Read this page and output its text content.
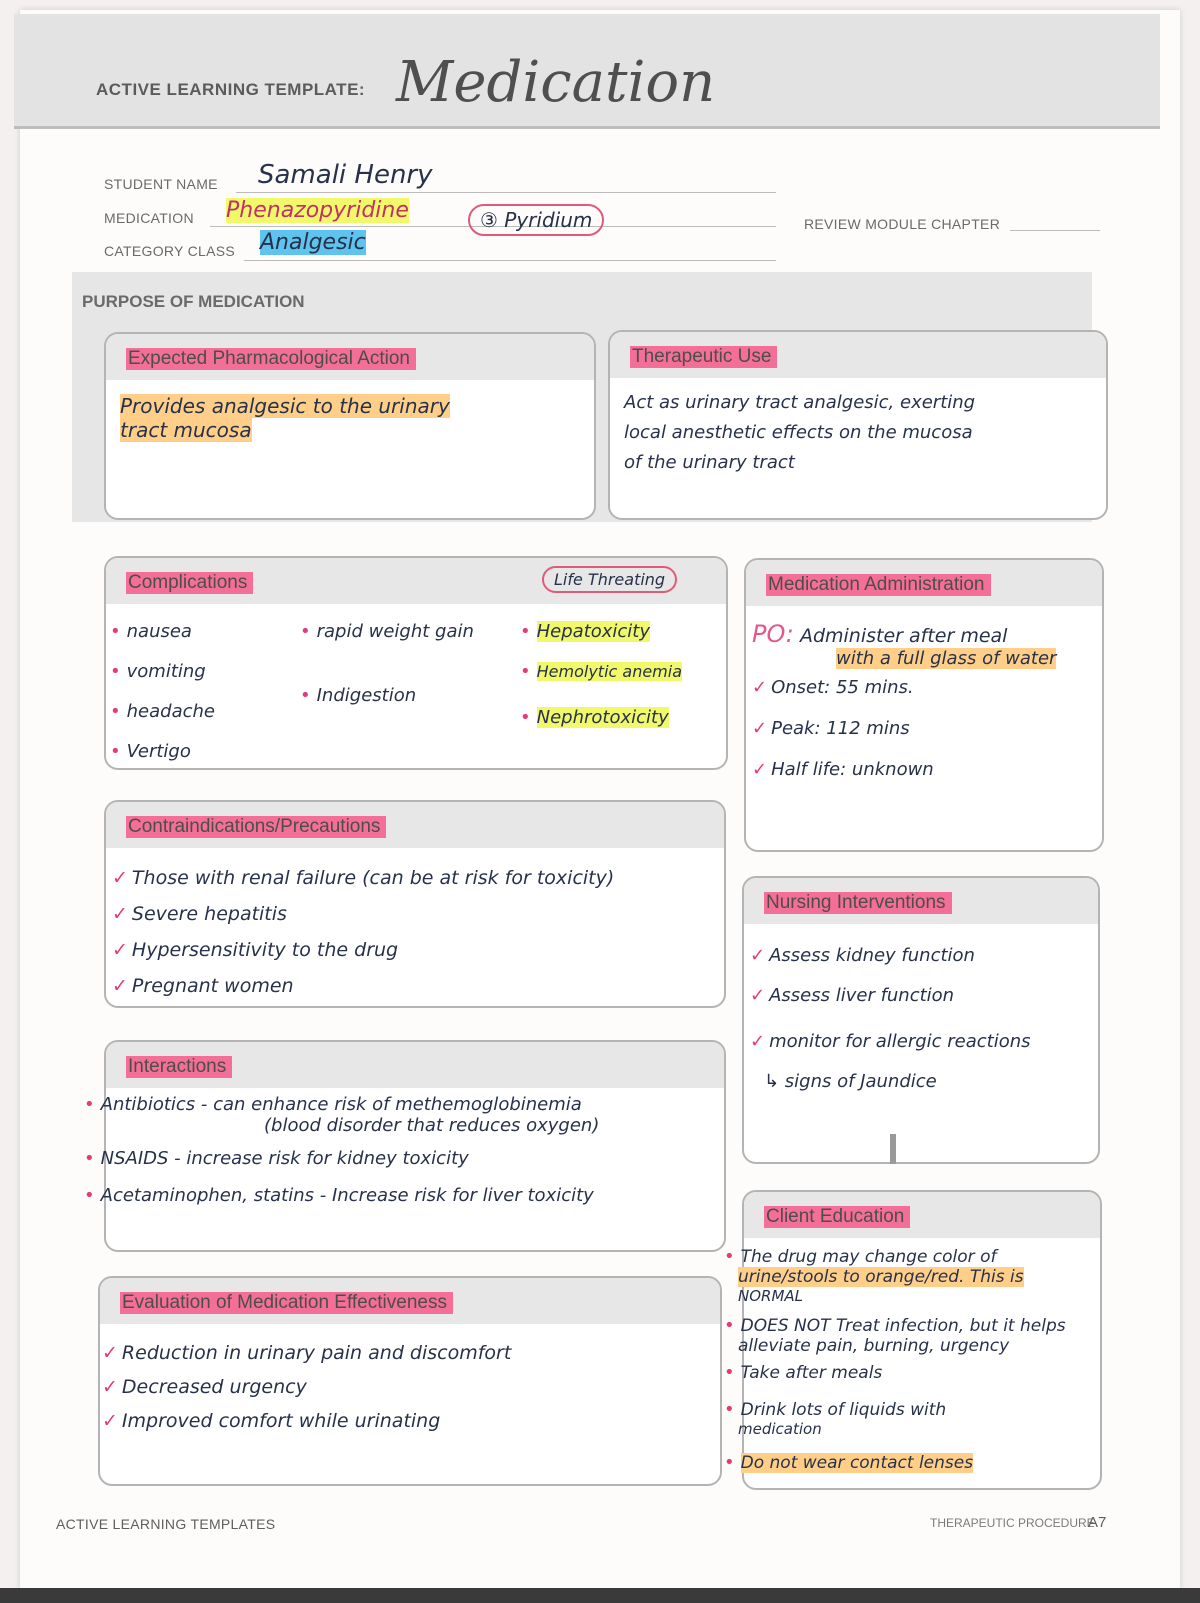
ACTIVE LEARNING TEMPLATE: Medication
STUDENT NAME Samali Henry
MEDICATION Phenazopyridine	③ Pyridium	REVIEW MODULE CHAPTER
CATEGORY CLASS Analgesic
PURPOSE OF MEDICATION
Expected Pharmacological Action
Provides analgesic to the urinary
tract mucosa
Therapeutic Use
Act as urinary tract analgesic, exerting
local anesthetic effects on the mucosa
of the urinary tract
Complications	Life Threating
• nausea
• vomiting
• headache
• Vertigo
• rapid weight gain
• Indigestion
• Hepatoxicity
• Hemolytic anemia
• Nephrotoxicity
Medication Administration
PO: Administer after meal
with a full glass of water
✓ Onset: 55 mins.
✓ Peak: 112 mins
✓ Half life: unknown
Contraindications/Precautions
✓ Those with renal failure (can be at risk for toxicity)
✓ Severe hepatitis
✓ Hypersensitivity to the drug
✓ Pregnant women
Nursing Interventions
✓ Assess kidney function
✓ Assess liver function
✓ monitor for allergic reactions
↳ signs of Jaundice
Interactions
• Antibiotics - can enhance risk of methemoglobinemia
(blood disorder that reduces oxygen)
• NSAIDS - increase risk for kidney toxicity
• Acetaminophen, statins - Increase risk for liver toxicity
Client Education
• The drug may change color of
urine/stools to orange/red. This is
NORMAL
• DOES NOT Treat infection, but it helps
alleviate pain, burning, urgency
• Take after meals
• Drink lots of liquids with
medication
• Do not wear contact lenses
Evaluation of Medication Effectiveness
✓ Reduction in urinary pain and discomfort
✓ Decreased urgency
✓ Improved comfort while urinating
ACTIVE LEARNING TEMPLATES	THERAPEUTIC PROCEDURE
A7
